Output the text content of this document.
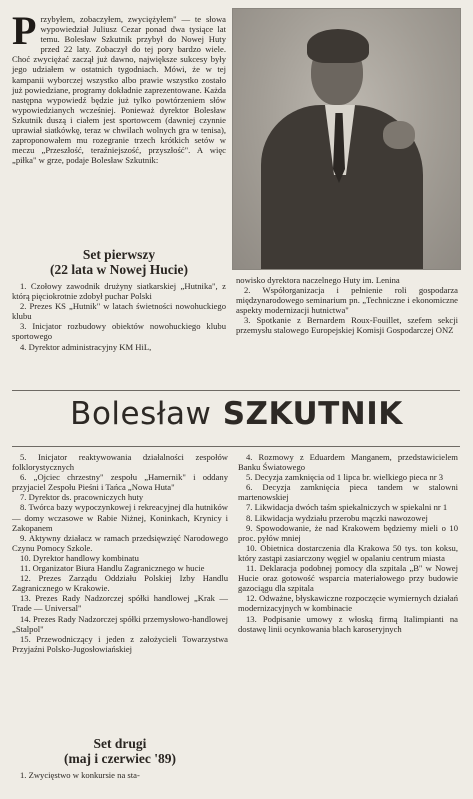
Przybyłem, zobaczyłem, zwyciężyłem" — te słowa wypowiedział Juliusz Cezar ponad dwa tysiące lat temu. Bolesław Szkutnik przybył do Nowej Huty przed 22 laty. Zobaczył do tej pory bardzo wiele. Choć zwyciężać zaczął już dawno, największe sukcesy były jego udziałem w ostatnich tygodniach. Mówi, że w tej kampanii wyborczej wszystko albo prawie wszystko zostało już powiedziane, programy dokładnie zaprezentowane. Każda następna wypowiedź będzie już tylko powtórzeniem słów wypowiedzianych wcześniej. Ponieważ dyrektor Bolesław Szkutnik duszą i ciałem jest sportowcem (dawniej czynnie uprawiał siatkówkę, teraz w chwilach wolnych gra w tenisa), zaproponowałem mu rozegranie trzech krótkich setów w meczu „Przeszłość, teraźniejszość, przyszłość". A więc „piłka" w grze, podaje Bolesław Szkutnik:

Set pierwszy
(22 lata w Nowej Hucie)

1. Czołowy zawodnik drużyny siatkarskiej „Hutnika", z którą pięciokrotnie zdobył puchar Polski

2. Prezes KS „Hutnik" w latach świetności nowohuckiego klubu

3. Inicjator rozbudowy obiektów nowohuckiego klubu sportowego

4. Dyrektor administracyjny KM HiL,

nowisko dyrektora naczelnego Huty im. Lenina

2. Współorganizacja i pełnienie roli gospodarza międzynarodowego seminarium pn. „Techniczne i ekonomiczne aspekty modernizacji hutnictwa"

3. Spotkanie z Bernardem Roux-Fouillet, szefem sekcji przemysłu stalowego Europejskiej Komisji Gospodarczej ONZ

Bolesław SZKUTNIK

5. Inicjator reaktywowania działalności zespołów folklorystycznych

6. „Ojciec chrzestny" zespołu „Hamernik" i oddany przyjaciel Zespołu Pieśni i Tańca „Nowa Huta"

7. Dyrektor ds. pracowniczych huty

8. Twórca bazy wypoczynkowej i rekreacyjnej dla hutników — domy wczasowe w Rabie Niżnej, Koninkach, Krynicy i Zakopanem

9. Aktywny działacz w ramach przedsięwzięć Narodowego Czynu Pomocy Szkole.

10. Dyrektor handlowy kombinatu

11. Organizator Biura Handlu Zagranicznego w hucie

12. Prezes Zarządu Oddziału Polskiej Izby Handlu Zagranicznego w Krakowie.

13. Prezes Rady Nadzorczej spółki handlowej „Krak — Trade — Universal"

14. Prezes Rady Nadzorczej spółki przemysłowo-handlowej „Stalpol"

15. Przewodniczący i jeden z założycieli Towarzystwa Przyjaźni Polsko-Jugosłowiańskiej

Set drugi
(maj i czerwiec '89)

1. Zwycięstwo w konkursie na sta-

4. Rozmowy z Eduardem Manganem, przedstawicielem Banku Światowego

5. Decyzja zamknięcia od 1 lipca br. wielkiego pieca nr 3

6. Decyzja zamknięcia pieca tandem w stalowni martenowskiej

7. Likwidacja dwóch taśm spiekalniczych w spiekalni nr 1

8. Likwidacja wydziału przerobu mączki nawozowej

9. Spowodowanie, że nad Krakowem będziemy mieli o 10 proc. pyłów mniej

10. Obietnica dostarczenia dla Krakowa 50 tys. ton koksu, który zastąpi zasiarczony węgiel w opalaniu centrum miasta

11. Deklaracja podobnej pomocy dla szpitala „B" w Nowej Hucie oraz gotowość wsparcia materiałowego przy budowie gazociągu dla szpitala

12. Odważne, błyskawiczne rozpoczęcie wymiernych działań modernizacyjnych w kombinacie

13. Podpisanie umowy z włoską firmą Italimpianti na dostawę linii ocynkowania blach karoseryjnych
